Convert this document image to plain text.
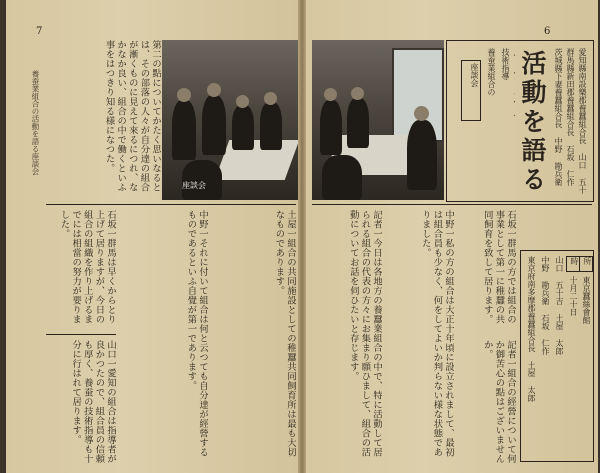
7
養蚕業組合の活動を語る座談会	第二の點についてかたく思いなるとは、その部落の人々が自分達の組合が漸くものに見えて來るにつれ、なかなか良い、組合の中で働くといふ事をはつきり知る様になつた。
座談会
石坂一群馬は早くからとり上げて居りますが、今日の組合の組織を作り上げるまでには相當の努力が要りました。	中野一それに付いて組合は何と云つても自分達が經營するものであるといふ自覺が第一であります。	土屋一組合の共同施設としての稚蠶共同飼育所は最も大切なものであります。
山口一愛知の組合は指導者が良かつたので、組合員の信頼も厚く、養蚕の技術指導も十分に行はれて居ります。
6
座談会	養蚕業組合の 技術指導 活動を語る 茨城縣下妻養蠶組合長 中野 勘兵衛 群馬縣新田郡養蠶組合長 石坂 仁作 愛知縣南設樂郡養蠶組合長 山口 五十
記者一今日は各地方の養蠶業組合の中で、特に活動して居られる組合の代表の方々にお集まり願ひまして、組合の活動についてお話を伺ひたいと存じます。	中野一私の方の組合は大正十年頃に設立されまして、最初は組合員も少なく、何をしてよいか判らない様な状態でありました。	石坂一群馬の方では組合の事業として第一に稚蠶の共同飼育を致して居ります。
記者一組合の經營について何か御苦心の點はございませんか。	東京府南多摩郡養蠶組合長 土屋 太郎 中野 勘兵衛 石坂 仁作 山口 五十吉 土屋 太郎 時
十月二十日
所
東京蠶絲會館
